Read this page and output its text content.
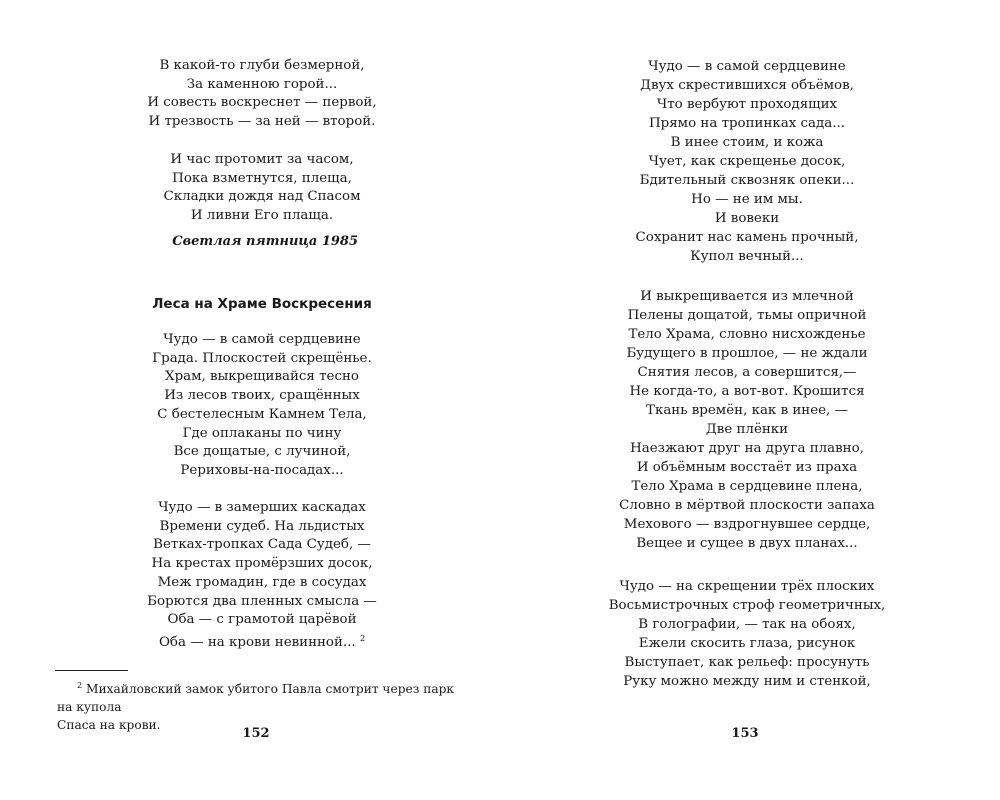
В какой-то глуби безмерной,
За каменною горой...
И совесть воскреснет — первой,
И трезвость — за ней — второй.
И час протомит за часом,
Пока взметнутся, плеща,
Складки дождя над Спасом
И ливни Его плаща.
Светлая пятница 1985
Леса на Храме Воскресения
Чудо — в самой сердцевине
Града. Плоскостей скрещёнье.
Храм, выкрещивайся тесно
Из лесов твоих, сращённых
С бестелесным Камнем Тела,
Где оплаканы по чину
Все дощатые, с лучиной,
Рериховы-на-посадах...
Чудо — в замерших каскадах
Времени судеб. На льдистых
Ветках-тропках Сада Судеб, —
На крестах промёрзших досок,
Меж громадин, где в сосудах
Борются два пленных смысла —
Оба — с грамотой царёвой
Оба — на крови невинной... $^2$
$^2$ Михайловский замок убитого Павла смотрит через парк на купола
Спаса на крови.
152
Чудо — в самой сердцевине
Двух скрестившихся объёмов,
Что вербуют проходящих
Прямо на тропинках сада...
В инее стоим, и кожа
Чует, как скрещенье досок,
Бдительный сквозняк опеки...
Но — не им мы.
И вовеки
Сохранит нас камень прочный,
Купол вечный...
И выкрещивается из млечной
Пелены дощатой, тьмы опричной
Тело Храма, словно нисхожденье
Будущего в прошлое, — не ждали
Снятия лесов, а совершится,—
Не когда-то, а вот-вот. Крошится
Ткань времён, как в инее, —
Две плёнки
Наезжают друг на друга плавно,
И объёмным восстаёт из праха
Тело Храма в сердцевине плена,
Словно в мёртвой плоскости запаха
Мехового — вздрогнувшее сердце,
Вещее и сущее в двух планах...
Чудо — на скрещении трёх плоских
Восьмистрочных строф геометричных,
В голографии, — так на обоях,
Ежели скосить глаза, рисунок
Выступает, как рельеф: просунуть
Руку можно между ним и стенкой,
153
